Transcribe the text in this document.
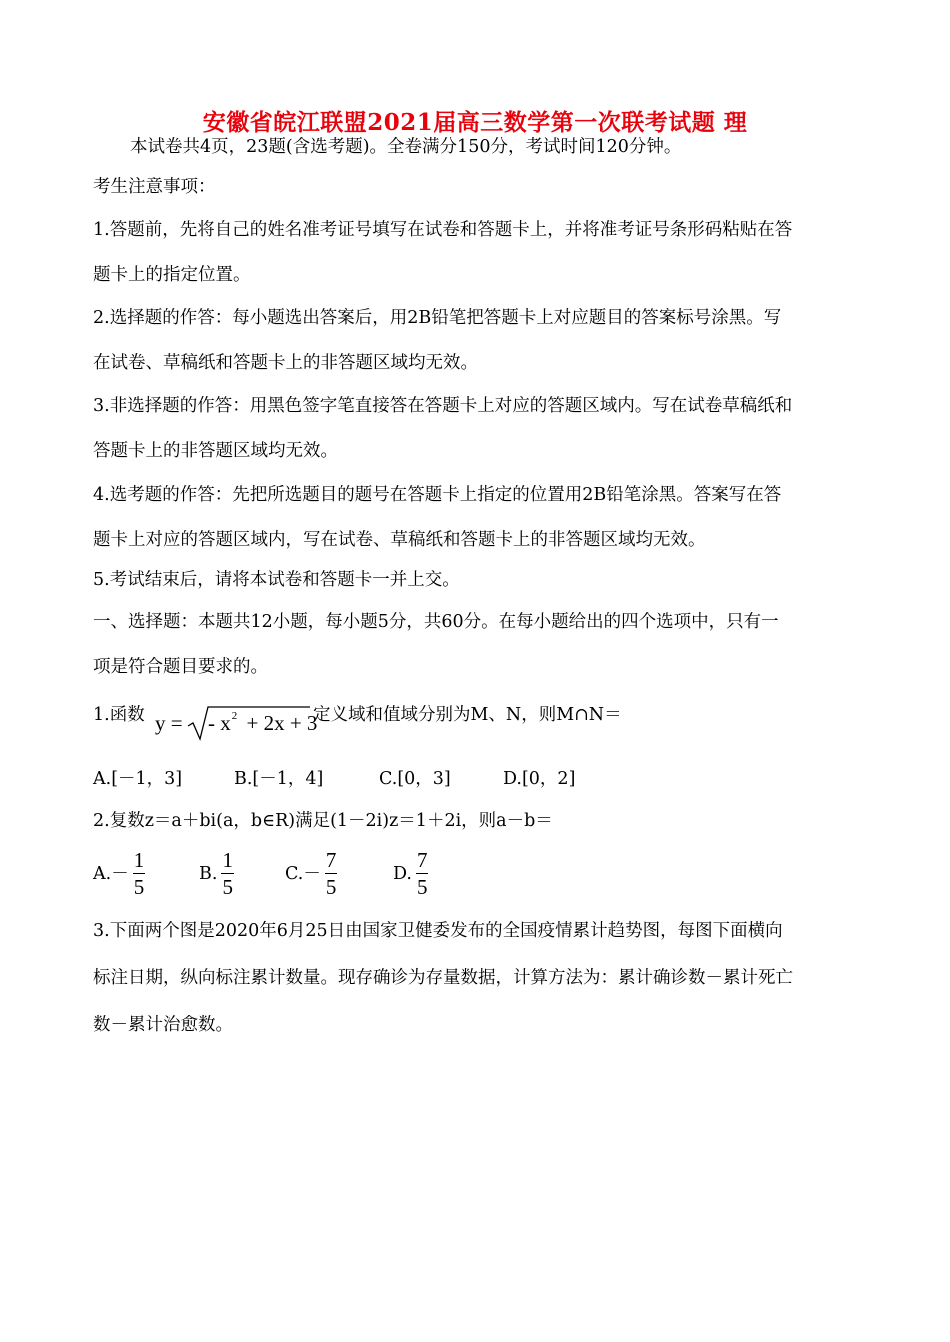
安徽省皖江联盟2021届高三数学第一次联考试题 理
本试卷共4页，23题(含选考题)。全卷满分150分，考试时间120分钟。
考生注意事项：
1.答题前，先将自己的姓名准考证号填写在试卷和答题卡上，并将准考证号条形码粘贴在答
题卡上的指定位置。
2.选择题的作答：每小题选出答案后，用2B铅笔把答题卡上对应题目的答案标号涂黑。写
在试卷、草稿纸和答题卡上的非答题区域均无效。
3.非选择题的作答：用黑色签字笔直接答在答题卡上对应的答题区域内。写在试卷草稿纸和
答题卡上的非答题区域均无效。
4.选考题的作答：先把所选题目的题号在答题卡上指定的位置用2B铅笔涂黑。答案写在答
题卡上对应的答题区域内，写在试卷、草稿纸和答题卡上的非答题区域均无效。
5.考试结束后，请将本试卷和答题卡一并上交。
一、选择题：本题共12小题，每小题5分，共60分。在每小题给出的四个选项中，只有一
项是符合题目要求的。
1.函数 y = - $x^2 + 2x + 3$
定义域和值域分别为M、N，则M∩N＝
A.[－1，3]	B.[－1，4]	C.[0，3]	D.[0，2]
2.复数z＝a＋bi(a，b∈R)满足(1－2i)z＝1＋2i，则a－b＝
$A.- \frac{1}{5}$	B. $\frac{1}{5}$	$C.- \frac{7}{5}$	D. $\frac{7}{5}$
3.下面两个图是2020年6月25日由国家卫健委发布的全国疫情累计趋势图，每图下面横向
标注日期，纵向标注累计数量。现存确诊为存量数据，计算方法为：累计确诊数－累计死亡
数－累计治愈数。
